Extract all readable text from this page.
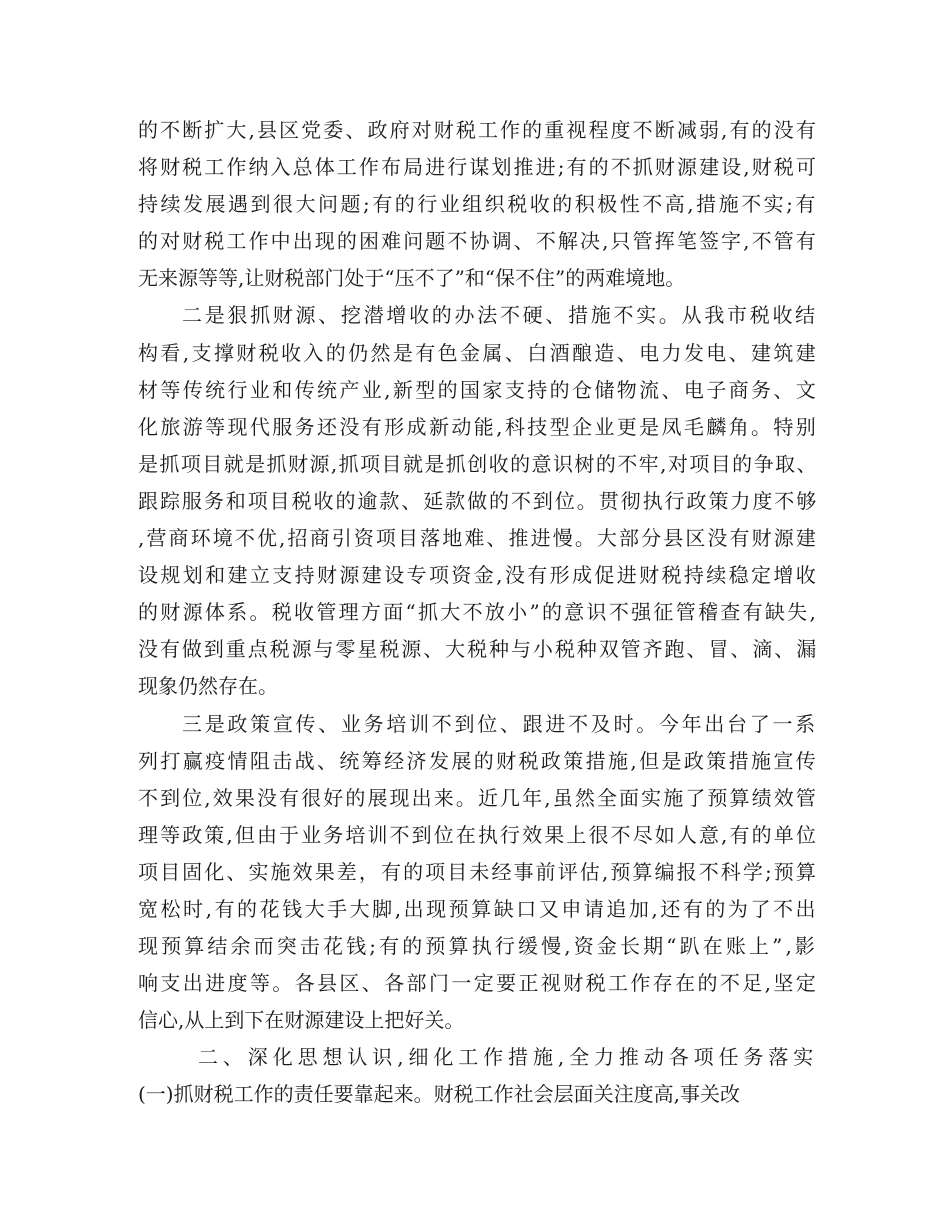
的不断扩大,县区党委、政府对财税工作的重视程度不断减弱,有的没有
将财税工作纳入总体工作布局进行谋划推进;有的不抓财源建设,财税可
持续发展遇到很大问题;有的行业组织税收的积极性不高,措施不实;有
的对财税工作中出现的困难问题不协调、不解决,只管挥笔签字,不管有
无来源等等,让财税部门处于“压不了”和“保不住”的两难境地。
二是狠抓财源、挖潜增收的办法不硬、措施不实。从我市税收结
构看,支撑财税收入的仍然是有色金属、白酒酿造、电力发电、建筑建
材等传统行业和传统产业,新型的国家支持的仓储物流、电子商务、文
化旅游等现代服务还没有形成新动能,科技型企业更是凤毛麟角。特别
是抓项目就是抓财源,抓项目就是抓创收的意识树的不牢,对项目的争取、
跟踪服务和项目税收的逾款、延款做的不到位。贯彻执行政策力度不够
,营商环境不优,招商引资项目落地难、推进慢。大部分县区没有财源建
设规划和建立支持财源建设专项资金,没有形成促进财税持续稳定增收
的财源体系。税收管理方面“抓大不放小”的意识不强征管稽查有缺失,
没有做到重点税源与零星税源、大税种与小税种双管齐跑、冒、滴、漏
现象仍然存在。
三是政策宣传、业务培训不到位、跟进不及时。今年出台了一系
列打赢疫情阻击战、统筹经济发展的财税政策措施,但是政策措施宣传
不到位,效果没有很好的展现出来。近几年,虽然全面实施了预算绩效管
理等政策,但由于业务培训不到位在执行效果上很不尽如人意,有的单位
项目固化、实施效果差，有的项目未经事前评估,预算编报不科学;预算
宽松时,有的花钱大手大脚,出现预算缺口又申请追加,还有的为了不出
现预算结余而突击花钱;有的预算执行缓慢,资金长期“趴在账上”,影
响支出进度等。各县区、各部门一定要正视财税工作存在的不足,坚定
信心,从上到下在财源建设上把好关。
二、深化思想认识,细化工作措施,全力推动各项任务落实
(一)抓财税工作的责任要靠起来。财税工作社会层面关注度高,事关改
